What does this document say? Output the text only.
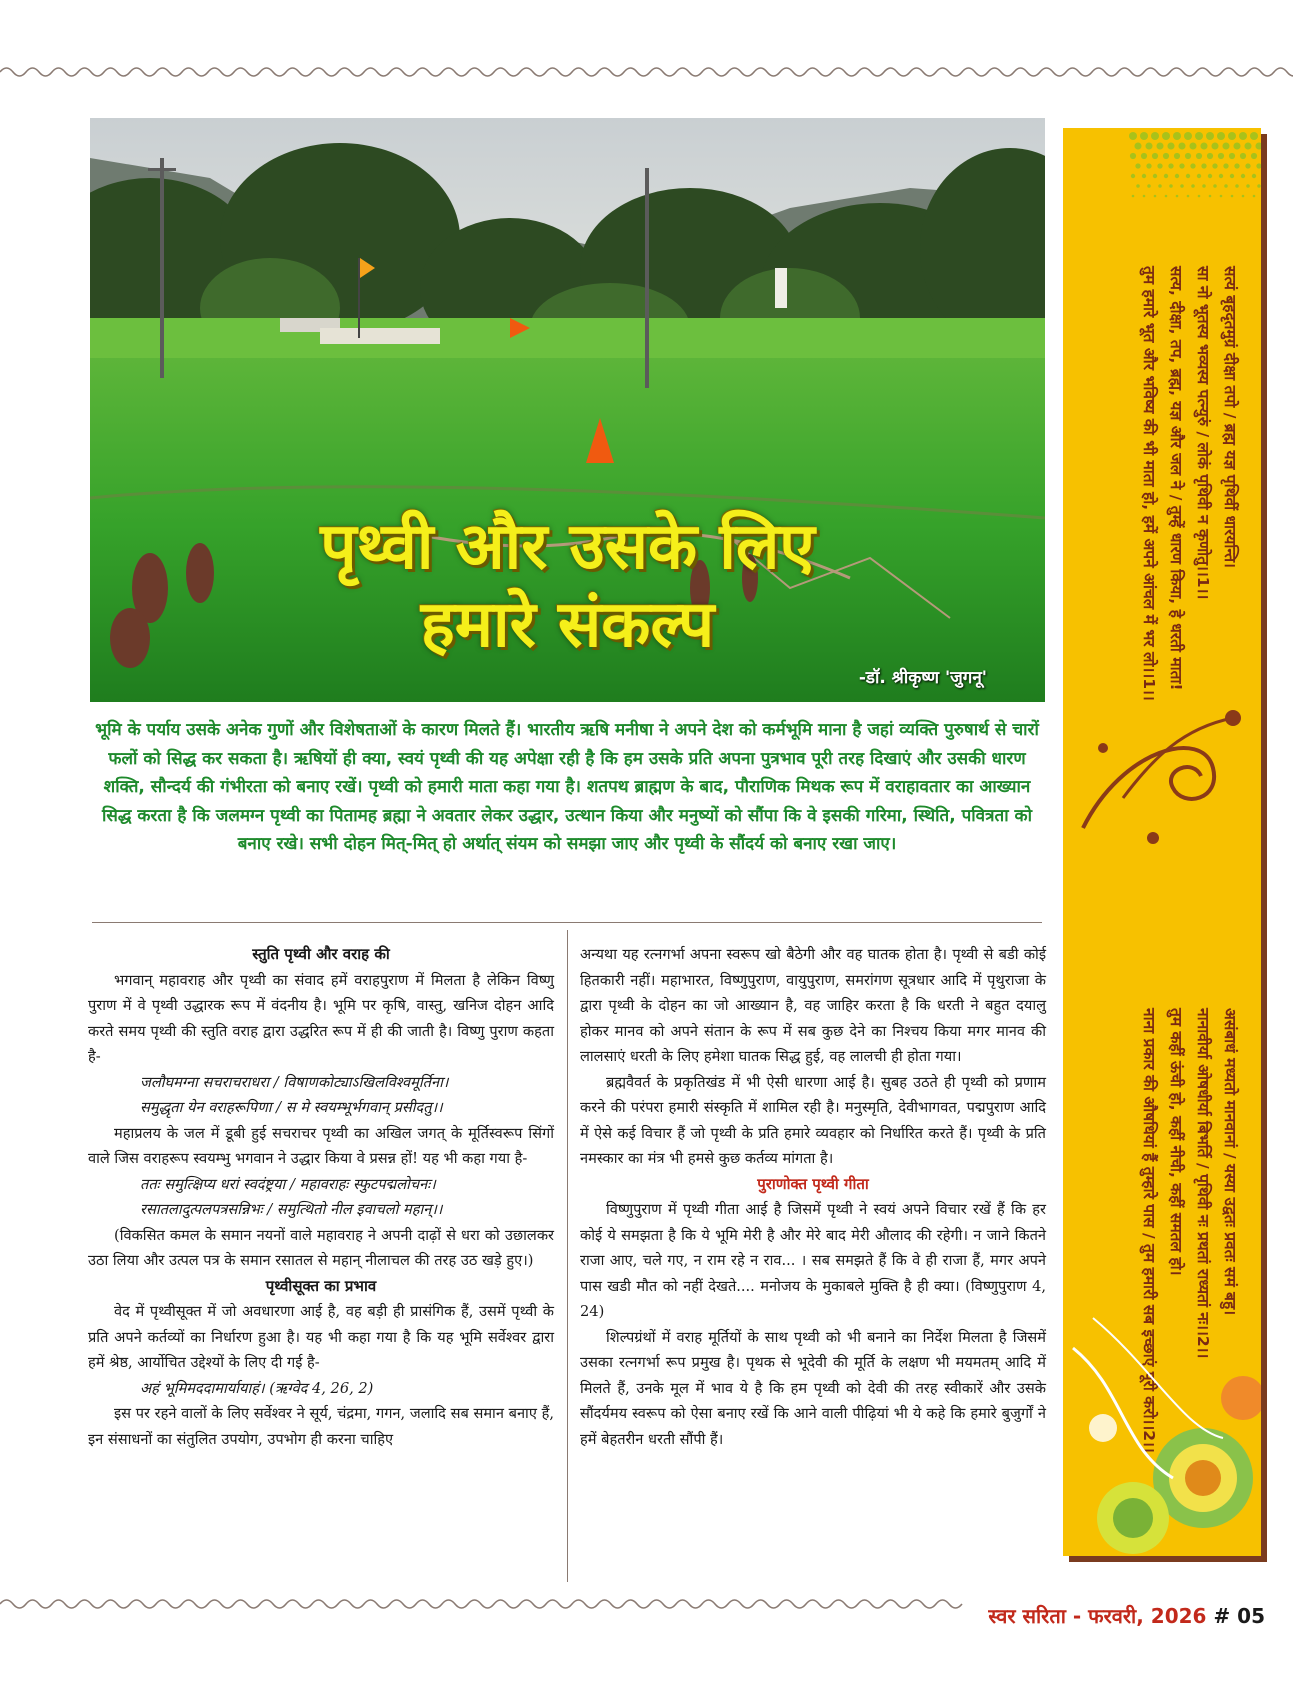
पृथ्वी और उसके लिए
हमारे संकल्प
-डॉ. श्रीकृष्ण 'जुगनू'
सत्यं बृहदृतमुग्रं दीक्षा तपो / ब्रह्म यज्ञ पृथिवीं धारयन्ति।
सा नो भूतस्य भव्यस्य पत्न्युरुं / लोकं पृथिवी न कृणोतु।।1।।
सत्य, दीक्षा, तप, ब्रह्म, यज्ञ और जल ने / तुम्हें धारण किया, हे धरती माता!
तुम हमारे भूत और भविष्य की भी माता हो, हमें अपने आंचल में भर लो।।1।।
असंबाधं मध्यतो मानवानां / यस्या उद्वतः प्रवतः समं बहु।
नानावीर्या ओषधीर्या बिभर्ति / पृथिवी नः प्रथतां राध्यतां नः।।2।।
तुम कहीं ऊंची हो, कहीं नीची, कहीं समतल हो।
नाना प्रकार की औषधियां हैं तुम्हारे पास / तुम हमारी सब इच्छाएं पूरी करो।।2।।

भूमि के पर्याय उसके अनेक गुणों और विशेषताओं के कारण मिलते हैं। भारतीय ऋषि मनीषा ने अपने देश को कर्मभूमि माना है जहां व्यक्ति पुरुषार्थ से चारों फलों को सिद्ध कर सकता है। ऋषियों ही क्या, स्वयं पृथ्वी की यह अपेक्षा रही है कि हम उसके प्रति अपना पुत्रभाव पूरी तरह दिखाएं और उसकी धारण शक्ति, सौन्दर्य की गंभीरता को बनाए रखें। पृथ्वी को हमारी माता कहा गया है। शतपथ ब्राह्मण के बाद, पौराणिक मिथक रूप में वराहावतार का आख्यान सिद्ध करता है कि जलमग्न पृथ्वी का पितामह ब्रह्मा ने अवतार लेकर उद्धार, उत्थान किया और मनुष्यों को सौंपा कि वे इसकी गरिमा, स्थिति, पवित्रता को बनाए रखे। सभी दोहन मित्-मित् हो अर्थात् संयम को समझा जाए और पृथ्वी के सौंदर्य को बनाए रखा जाए।

स्तुति पृथ्वी और वराह की

भगवान् महावराह और पृथ्वी का संवाद हमें वराहपुराण में मिलता है लेकिन विष्णु पुराण में वे पृथ्वी उद्धारक रूप में वंदनीय है। भूमि पर कृषि, वास्तु, खनिज दोहन आदि करते समय पृथ्वी की स्तुति वराह द्वारा उद्धरित रूप में ही की जाती है। विष्णु पुराण कहता है-

जलौघमग्ना सचराचराधरा / विषाणकोट्याऽखिलविश्वमूर्तिना।

समुद्धृता येन वराहरूपिणा / स मे स्वयम्भूर्भगवान् प्रसीदतु।।

महाप्रलय के जल में डूबी हुई सचराचर पृथ्वी का अखिल जगत् के मूर्तिस्वरूप सिंगों वाले जिस वराहरूप स्वयम्भु भगवान ने उद्धार किया वे प्रसन्न हों! यह भी कहा गया है-

ततः समुत्क्षिप्य धरां स्वदंष्ट्रया / महावराहः स्फुटपद्मलोचनः।

रसातलादुत्पलपत्रसन्निभः / समुत्थितो नील इवाचलो महान्।।

(विकसित कमल के समान नयनों वाले महावराह ने अपनी दाढ़ों से धरा को उछालकर उठा लिया और उत्पल पत्र के समान रसातल से महान् नीलाचल की तरह उठ खड़े हुए।)

पृथ्वीसूक्त का प्रभाव

वेद में पृथ्वीसूक्त में जो अवधारणा आई है, वह बड़ी ही प्रासंगिक हैं, उसमें पृथ्वी के प्रति अपने कर्तव्यों का निर्धारण हुआ है। यह भी कहा गया है कि यह भूमि सर्वेश्वर द्वारा हमें श्रेष्ठ, आर्योचित उद्देश्यों के लिए दी गई है-

अहं भूमिमददामार्यायाहं। (ऋग्वेद 4, 26, 2)

इस पर रहने वालों के लिए सर्वेश्वर ने सूर्य, चंद्रमा, गगन, जलादि सब समान बनाए हैं, इन संसाधनों का संतुलित उपयोग, उपभोग ही करना चाहिए

अन्यथा यह रत्नगर्भा अपना स्वरूप खो बैठेगी और वह घातक होता है। पृथ्वी से बडी कोई हितकारी नहीं। महाभारत, विष्णुपुराण, वायुपुराण, समरांगण सूत्रधार आदि में पृथुराजा के द्वारा पृथ्वी के दोहन का जो आख्यान है, वह जाहिर करता है कि धरती ने बहुत दयालु होकर मानव को अपने संतान के रूप में सब कुछ देने का निश्चय किया मगर मानव की लालसाएं धरती के लिए हमेशा घातक सिद्ध हुई, वह लालची ही होता गया।

ब्रह्मवैवर्त के प्रकृतिखंड में भी ऐसी धारणा आई है। सुबह उठते ही पृथ्वी को प्रणाम करने की परंपरा हमारी संस्कृति में शामिल रही है। मनुस्मृति, देवीभागवत, पद्मपुराण आदि में ऐसे कई विचार हैं जो पृथ्वी के प्रति हमारे व्यवहार को निर्धारित करते हैं। पृथ्वी के प्रति नमस्कार का मंत्र भी हमसे कुछ कर्तव्य मांगता है।

पुराणोक्त पृथ्वी गीता

विष्णुपुराण में पृथ्वी गीता आई है जिसमें पृथ्वी ने स्वयं अपने विचार रखें हैं कि हर कोई ये समझता है कि ये भूमि मेरी है और मेरे बाद मेरी औलाद की रहेगी। न जाने कितने राजा आए, चले गए, न राम रहे न राव... । सब समझते हैं कि वे ही राजा हैं, मगर अपने पास खडी मौत को नहीं देखते.... मनोजय के मुकाबले मुक्ति है ही क्या। (विष्णुपुराण 4, 24)

शिल्पग्रंथों में वराह मूर्तियों के साथ पृथ्वी को भी बनाने का निर्देश मिलता है जिसमें उसका रत्नगर्भा रूप प्रमुख है। पृथक से भूदेवी की मूर्ति के लक्षण भी मयमतम् आदि में मिलते हैं, उनके मूल में भाव ये है कि हम पृथ्वी को देवी की तरह स्वीकारें और उसके सौंदर्यमय स्वरूप को ऐसा बनाए रखें कि आने वाली पीढ़ियां भी ये कहे कि हमारे बुजुर्गों ने हमें बेहतरीन धरती सौंपी हैं।

स्वर सरिता - फरवरी, 2026 # 05
